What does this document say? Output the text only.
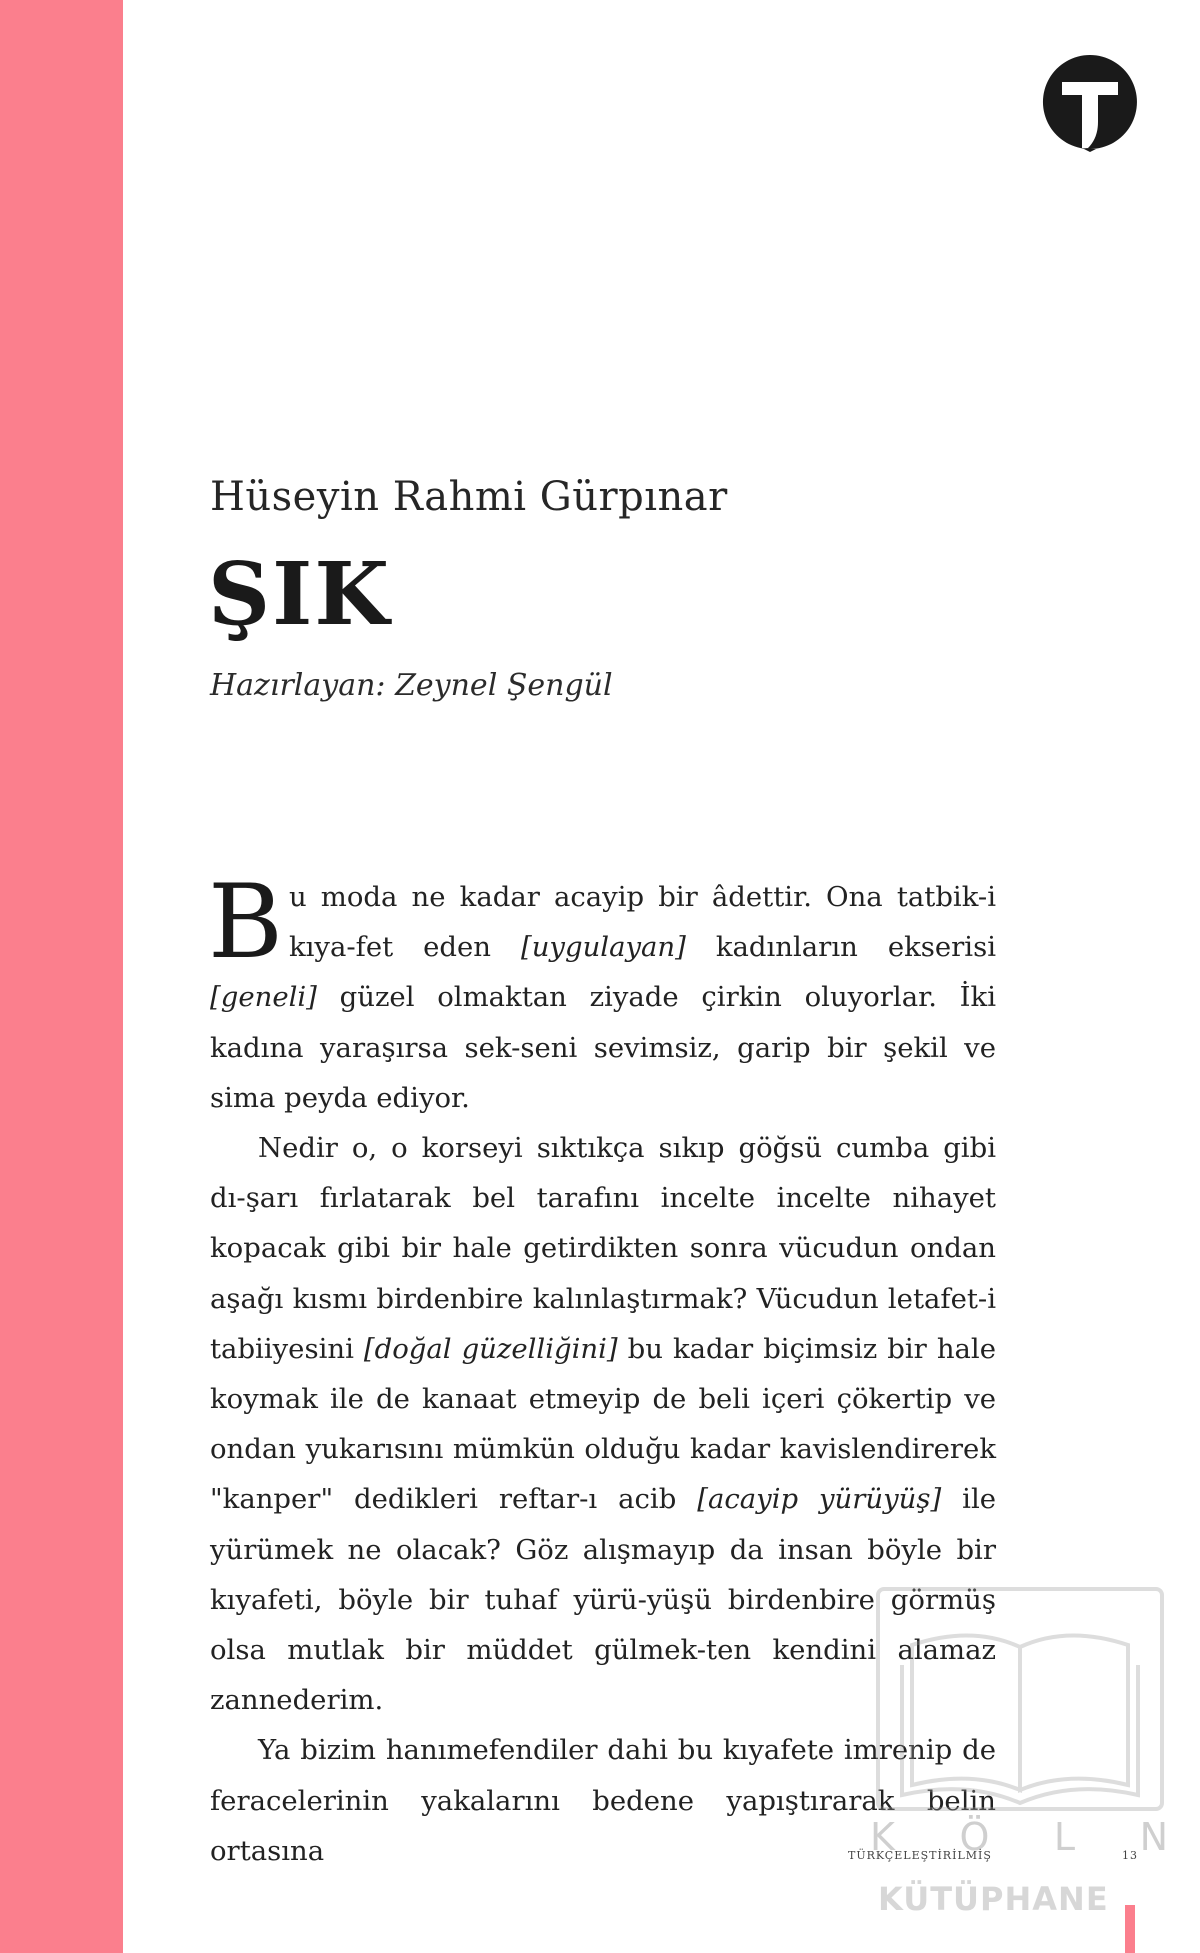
Hüseyin Rahmi Gürpınar
ŞIK
Hazırlayan: Zeynel Şengül

Bu moda ne kadar acayip bir âdettir. Ona tatbik-i kıya-fet eden [uygulayan] kadınların ekserisi [geneli] güzel olmaktan ziyade çirkin oluyorlar. İki kadına yaraşırsa sek-seni sevimsiz, garip bir şekil ve sima peyda ediyor.

Nedir o, o korseyi sıktıkça sıkıp göğsü cumba gibi dı-şarı fırlatarak bel tarafını incelte incelte nihayet kopacak gibi bir hale getirdikten sonra vücudun ondan aşağı kısmı birdenbire kalınlaştırmak? Vücudun letafet-i tabiiyesini [doğal güzelliğini] bu kadar biçimsiz bir hale koymak ile de kanaat etmeyip de beli içeri çökertip ve ondan yukarısını mümkün olduğu kadar kavislendirerek "kanper" dedikleri reftar-ı acib [acayip yürüyüş] ile yürümek ne olacak? Göz alışmayıp da insan böyle bir kıyafeti, böyle bir tuhaf yürü-yüşü birdenbire görmüş olsa mutlak bir müddet gülmek-ten kendini alamaz zannederim.

Ya bizim hanımefendiler dahi bu kıyafete imrenip de feracelerinin yakalarını bedene yapıştırarak belin ortasına	K Ö L N
KÜTÜPHANE
TÜRKÇELEŞTİRİLMİŞ	13
